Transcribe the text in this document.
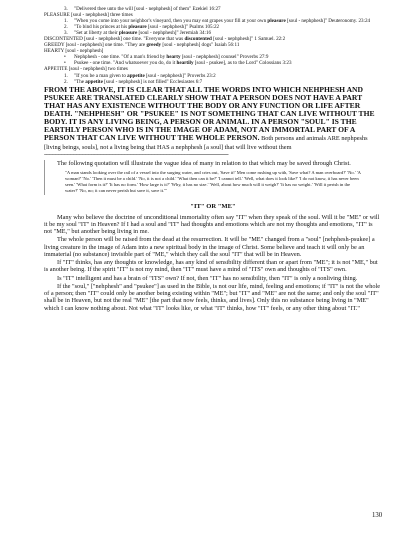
3. "Delivered thee unto the will [soul - nephphesh] of them" Ezekiel 16:27

PLEASURE [soul - nephphesh] three times

1. "When you come into your neighbor's vineyard, then you may eat grapes your fill at your own pleasure [soul - nephphesh]" Deuteronomy. 23:24

2. "To bind his princes at his pleasure [soul - nephphesh]" Psalms 105:22

3. "Set at liberty at their pleasure [soul - nephphesh]" Jeremiah 34:16

DISCONTENTED [soul - nephphesh] one time. "Everyone that was discontented [soul - nephphesh]" 1 Samuel. 22:2

GREEDY [soul - nephphesh] one time. "They are greedy [soul - nephphesh] dogs" Isaiah 56:11

HEARTY [soul - nephphesh]

• Nephphesh - one time. "Of a man's friend by hearty [soul - nephphesh] counsel" Proverbs 27:9

• Psukee - one time. "And whatsoever you do, do it heartily [soul - psukee], as to the Lord" Colossians 3:23

APPETITE [soul - nephphesh] two times

1. "If you be a man given to appetite [soul - nephphesh]" Proverbs 23:2

2. "The appetite [soul - nephphesh] is not filled" Ecclesiastes 6:7

FROM THE ABOVE, IT IS CLEAR THAT ALL THE WORDS INTO WHICH NEHPHESH AND PSUKEE ARE TRANSLATED CLEARLY SHOW THAT A PERSON DOES NOT HAVE A PART THAT HAS ANY EXISTENCE WITHOUT THE BODY OR ANY FUNCTION OR LIFE AFTER DEATH. "NEHPHESH" OR "PSUKEE" IS NOT SOMETHING THAT CAN LIVE WITHOUT THE BODY. IT IS ANY LIVING BEING, A PERSON OR ANIMAL. IN A PERSON "SOUL" IS THE EARTHLY PERSON WHO IS IN THE IMAGE OF ADAM, NOT AN IMMORTAL PART OF A PERSON THAT CAN LIVE WITHOUT THE WHOLE PERSON. Both persons and animals ARE nephpeshs [living beings, souls], not a living being that HAS a nephphesh [a soul] that will live without them

---------------------------------------------------------------------------------------------------------------------------

The following quotation will illustrate the vague idea of many in relation to that which may be saved through Christ.

"A man stands looking over the rail of a vessel into the surging water, and cries out, 'Save it!' Men come rushing up with, 'Save what? A man overboard?' 'No.' 'A woman?' 'No.' 'Then it must be a child.' 'No, it is not a child.' 'What then can it be?' 'I cannot tell.' 'Well, what does it look like?' 'I do not know, it has never been seen.' 'What form is it?' 'It has no form.' 'How large is it?' 'Why, it has no size.' 'Well, about how much will it weigh?' 'It has no weight.' 'Will it perish in the water?' 'No, no; it can never perish but save it, save it.'"

"IT" OR "ME"

Many who believe the doctrine of unconditional immortality often say "IT" when they speak of the soul. Will it be "ME" or will it be my soul "IT" in Heaven? If I had a soul and "IT" had thoughts and emotions which are not my thoughts and emotions, "IT" is not "ME," but another being living in me.

The whole person will be raised from the dead at the resurrection. It will be "ME" changed from a "soul" [nehphesh-psukee] a living creature in the image of Adam into a new spiritual body in the image of Christ. Some believe and teach it will only be an immaterial (no substance) invisible part of "ME," which they call the soul "IT" that will be in Heaven.

If "IT" thinks, has any thoughts or knowledge, has any kind of sensibility different than or apart from "ME"; it is not "ME," but is another being. If the spirit "IT" is not my mind, then "IT" must have a mind of "ITS" own and thoughts of "ITS" own.

Is "IT" intelligent and has a brain of "ITS" own? If not, then "IT" has no sensibility, then "IT" is only a nonliving thing.

If the "soul," ["nehphesh" and "psukee"] as used in the Bible, is not our life, mind, feeling and emotions; if "IT" is not the whole of a person; then "IT" could only be another being existing within "ME"; but "IT" and "ME" are not the same; and only the soul "IT" shall be in Heaven, but not the real "ME" [the part that now feels, thinks, and lives]. Only this no substance being living in "ME" which I can know nothing about. Not what "IT" looks like, or what "IT" thinks, how "IT" feels, or any other thing about "IT."

130
